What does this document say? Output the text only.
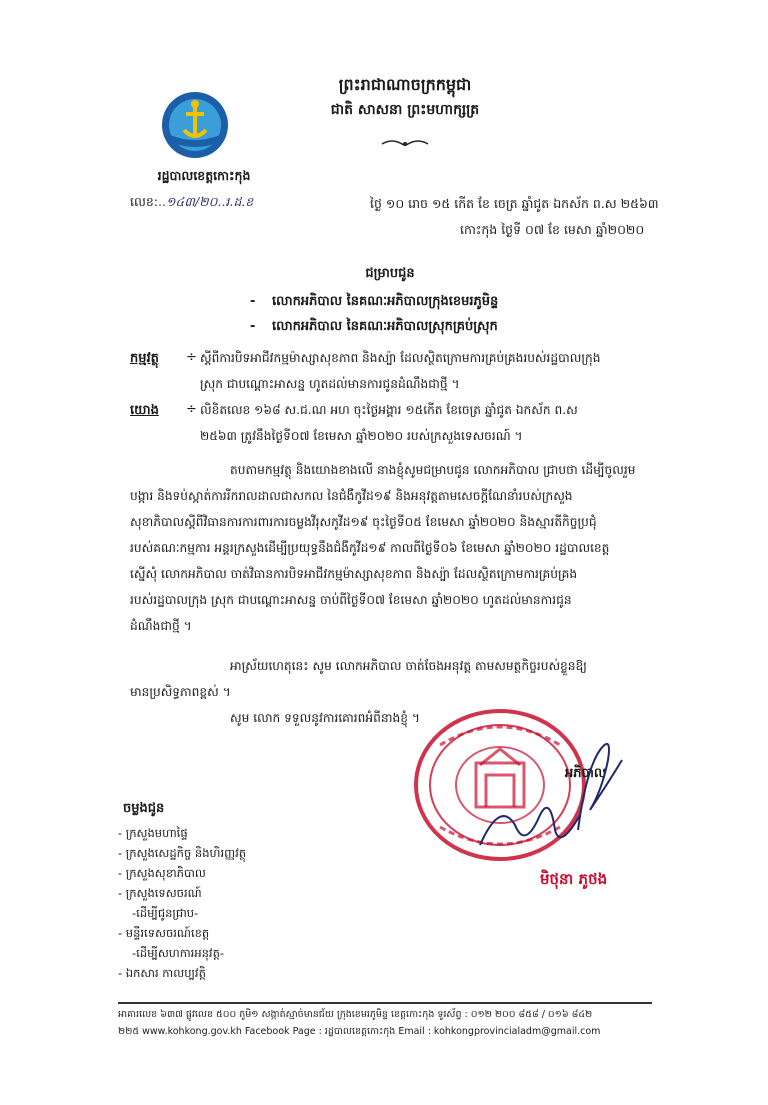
ព្រះរាជាណាចក្រកម្ពុជា
ជាតិ សាសនា ព្រះមហាក្សត្រ
រដ្ឋបាលខេត្តកោះកុង
លេខ:..១៤៣/២០..រ.ដ.ខ	ថ្ងៃ ១០ រោច ១៥ កើត ខែ ចេត្រ ឆ្នាំជូត ឯកស័ក ព.ស ២៥៦៣
កោះកុង ថ្ងៃទី ០៧ ខែ មេសា ឆ្នាំ២០២០
ជម្រាបជូន
- លោកអភិបាល នៃគណៈអភិបាលក្រុងខេមរភូមិន្ទ
- លោកអភិបាល នៃគណៈអភិបាលស្រុកគ្រប់ស្រុក
កម្មវត្ថុ ÷ ស្តីពីការបិទអាជីវកម្មម៉ាស្សាសុខភាព និងស្ប៉ា ដែលស្ថិតក្រោមការគ្រប់គ្រងរបស់រដ្ឋបាលក្រុង
ស្រុក ជាបណ្តោះអាសន្ន ហូតដល់មានការជូនដំណឹងជាថ្មី ។
យោង ÷ លិខិតលេខ ១៦៨ ស.ជ.ណ អហ ចុះថ្ងៃអង្គារ ១៥កើត ខែចេត្រ ឆ្នាំជូត ឯកស័ក ព.ស
២៥៦៣ ត្រូវនឹងថ្ងៃទី០៧ ខែមេសា ឆ្នាំ២០២០ របស់ក្រសួងទេសចរណ៍ ។
តបតាមកម្មវត្ថុ និងយោងខាងលើ នាងខ្ញុំសូមជម្រាបជូន លោកអភិបាល ជ្រាបថា ដើម្បីចូលរួម
បង្ការ និងទប់ស្កាត់ការរីករាលដាលជាសកល នៃជំងឺកូវីដ១៩ និងអនុវត្តតាមសេចក្តីណែនាំរបស់ក្រសួង
សុខាភិបាលស្តីពីវិធានការការពារការចម្លងវីរុសកូវីដ១៩ ចុះថ្ងៃទី០៥ ខែមេសា ឆ្នាំ២០២០ និងស្មារតីកិច្ចប្រជុំ
របស់គណៈកម្មការ អន្តរក្រសួងដើម្បីប្រយុទ្ធនឹងជំងឺកូវីដ១៩ កាលពីថ្ងៃទី០៦ ខែមេសា ឆ្នាំ២០២០ រដ្ឋបាលខេត្ត
ស្នើសុំ លោកអភិបាល ចាត់វិធានការបិទអាជីវកម្មម៉ាស្សាសុខភាព និងស្ប៉ា ដែលស្ថិតក្រោមការគ្រប់គ្រង
របស់រដ្ឋបាលក្រុង ស្រុក ជាបណ្តោះអាសន្ន ចាប់ពីថ្ងៃទី០៧ ខែមេសា ឆ្នាំ២០២០ ហូតដល់មានការជូន
ដំណឹងជាថ្មី ។
អាស្រ័យហេតុនេះ សូម លោកអភិបាល ចាត់ចែងអនុវត្ត តាមសមត្ថកិច្ចរបស់ខ្លួនឱ្យ
មានប្រសិទ្ធភាពខ្ពស់ ។
សូម លោក ទទួលនូវការគោរពអំពីនាងខ្ញុំ ។
អភិបាល
មិថុនា ភូថង
ចម្លងជូន
- ក្រសួងមហាផ្ទៃ
- ក្រសួងសេដ្ឋកិច្ច និងហិរញ្ញវត្ថុ
- ក្រសួងសុខាភិបាល
- ក្រសួងទេសចរណ៍
-ដើម្បីជូនជ្រាប-
- មន្ទីរទេសចរណ៍ខេត្ត
-ដើម្បីសហការអនុវត្ត-
- ឯកសារ កាលប្បវត្តិ
អាគារលេខ ៦៣៧ ផ្លូវលេខ ៥០០ ភូមិ១ សង្កាត់ស្មាច់មានជ័យ ក្រុងខេមរភូមិន្ទ ខេត្តកោះកុង ទូរស័ព្ទ : ០១២ ២០០ ៨៥៨ / ០១៦ ៨៤២
២២៥ www.kohkong.gov.kh Facebook Page : រដ្ឋបាលខេត្តកោះកុង Email : kohkongprovincialadm@gmail.com
